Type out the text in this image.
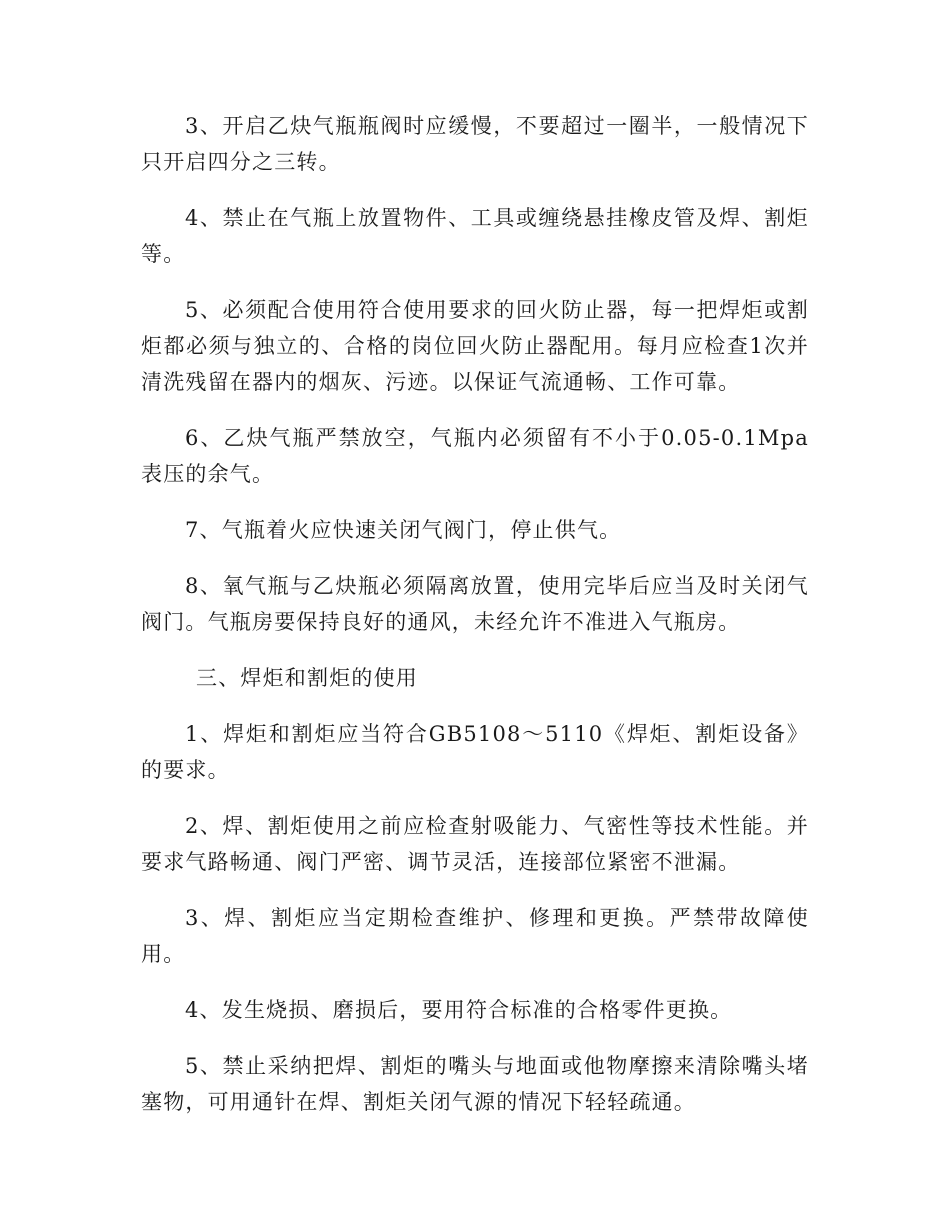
3、开启乙炔气瓶瓶阀时应缓慢，不要超过一圈半，一般情况下只开启四分之三转。

4、禁止在气瓶上放置物件、工具或缠绕悬挂橡皮管及焊、割炬等。

5、必须配合使用符合使用要求的回火防止器，每一把焊炬或割炬都必须与独立的、合格的岗位回火防止器配用。每月应检查1次并清洗残留在器内的烟灰、污迹。以保证气流通畅、工作可靠。

6、乙炔气瓶严禁放空，气瓶内必须留有不小于0.05-0.1Mpa表压的余气。

7、气瓶着火应快速关闭气阀门，停止供气。

8、氧气瓶与乙炔瓶必须隔离放置，使用完毕后应当及时关闭气阀门。气瓶房要保持良好的通风，未经允许不准进入气瓶房。

三、焊炬和割炬的使用

1、焊炬和割炬应当符合GB5108～5110《焊炬、割炬设备》的要求。

2、焊、割炬使用之前应检查射吸能力、气密性等技术性能。并要求气路畅通、阀门严密、调节灵活，连接部位紧密不泄漏。

3、焊、割炬应当定期检查维护、修理和更换。严禁带故障使用。

4、发生烧损、磨损后，要用符合标准的合格零件更换。

5、禁止采纳把焊、割炬的嘴头与地面或他物摩擦来清除嘴头堵塞物，可用通针在焊、割炬关闭气源的情况下轻轻疏通。
